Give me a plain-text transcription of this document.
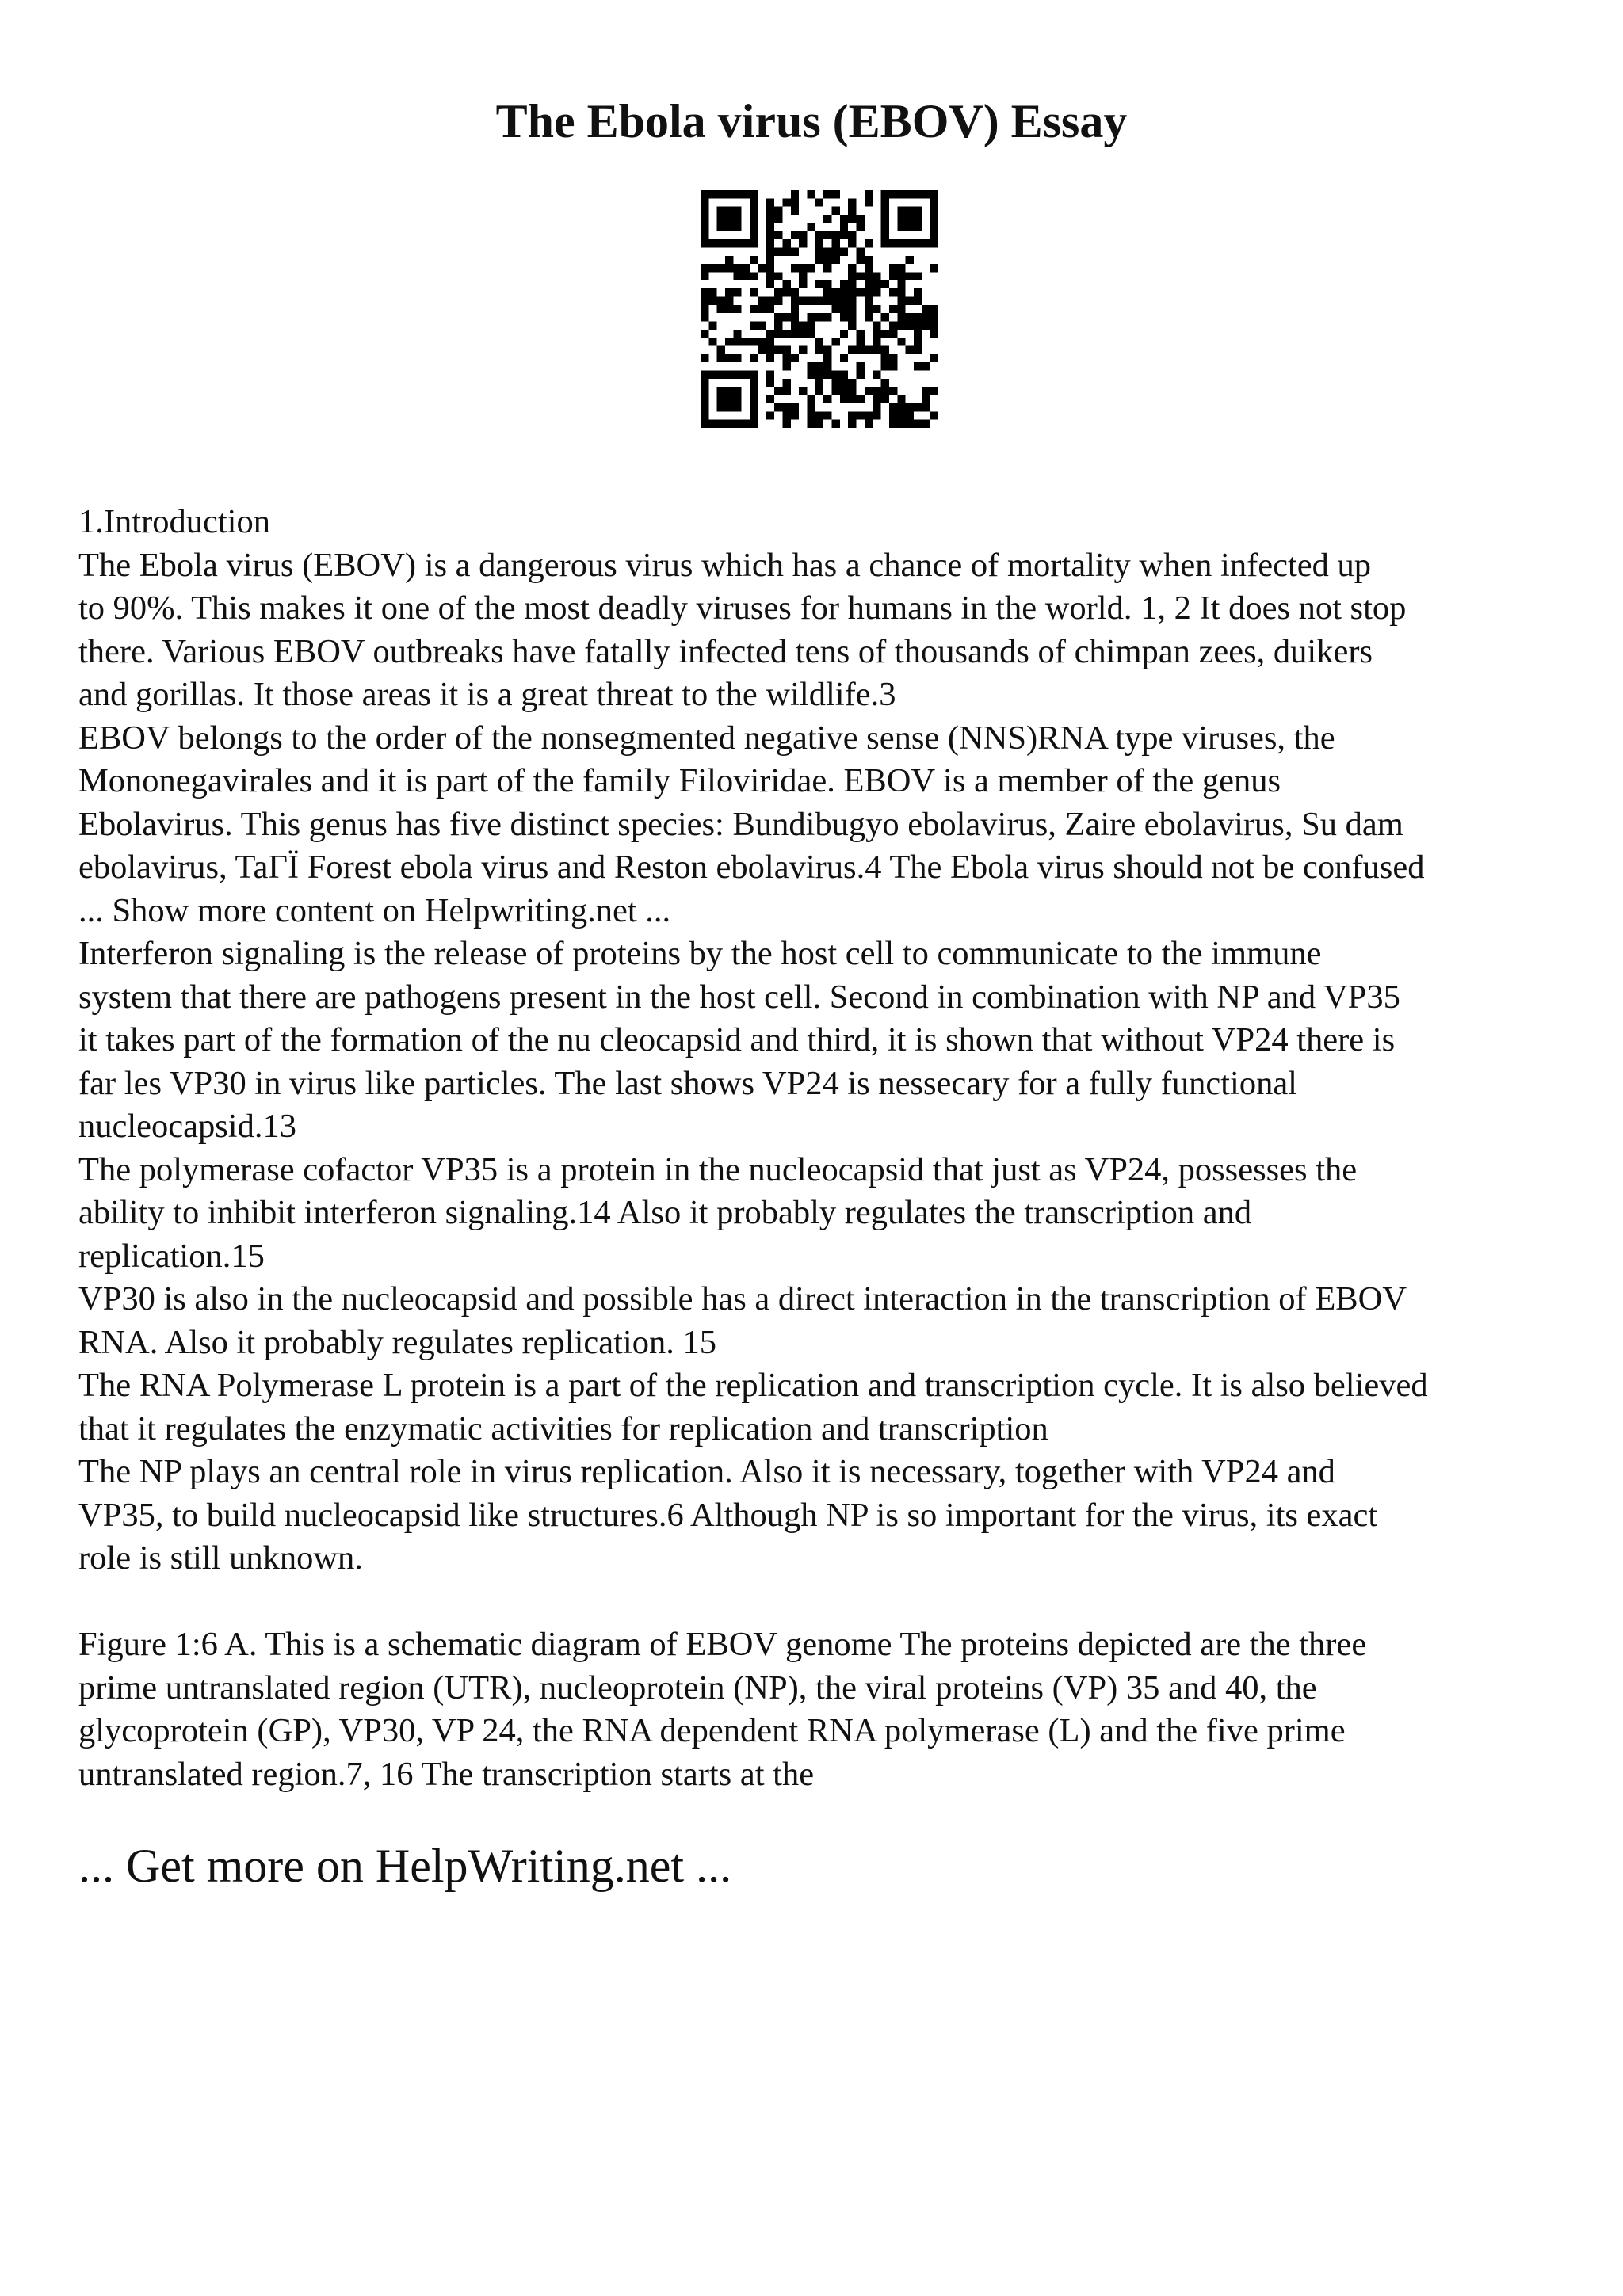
The Ebola virus (EBOV) Essay
1.Introduction
The Ebola virus (EBOV) is a dangerous virus which has a chance of mortality when infected up
to 90%. This makes it one of the most deadly viruses for humans in the world. 1, 2 It does not stop
there. Various EBOV outbreaks have fatally infected tens of thousands of chimpan zees, duikers
and gorillas. It those areas it is a great threat to the wildlife.3
EBOV belongs to the order of the nonsegmented negative sense (NNS)RNA type viruses, the
Mononegavirales and it is part of the family Filoviridae. EBOV is a member of the genus
Ebolavirus. This genus has five distinct species: Bundibugyo ebolavirus, Zaire ebolavirus, Su dam
ebolavirus, TaΓЇ Forest ebola virus and Reston ebolavirus.4 The Ebola virus should not be confused
... Show more content on Helpwriting.net ...
Interferon signaling is the release of proteins by the host cell to communicate to the immune
system that there are pathogens present in the host cell. Second in combination with NP and VP35
it takes part of the formation of the nu cleocapsid and third, it is shown that without VP24 there is
far les VP30 in virus like particles. The last shows VP24 is nessecary for a fully functional
nucleocapsid.13
The polymerase cofactor VP35 is a protein in the nucleocapsid that just as VP24, possesses the
ability to inhibit interferon signaling.14 Also it probably regulates the transcription and
replication.15
VP30 is also in the nucleocapsid and possible has a direct interaction in the transcription of EBOV
RNA. Also it probably regulates replication. 15
The RNA Polymerase L protein is a part of the replication and transcription cycle. It is also believed
that it regulates the enzymatic activities for replication and transcription
The NP plays an central role in virus replication. Also it is necessary, together with VP24 and
VP35, to build nucleocapsid like structures.6 Although NP is so important for the virus, its exact
role is still unknown.
Figure 1:6 A. This is a schematic diagram of EBOV genome The proteins depicted are the three
prime untranslated region (UTR), nucleoprotein (NP), the viral proteins (VP) 35 and 40, the
glycoprotein (GP), VP30, VP 24, the RNA dependent RNA polymerase (L) and the five prime
untranslated region.7, 16 The transcription starts at the
... Get more on HelpWriting.net ...
